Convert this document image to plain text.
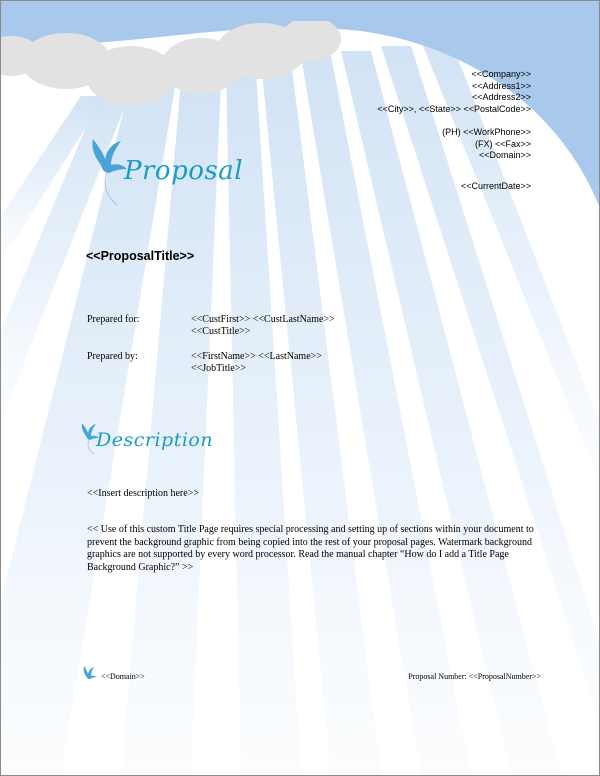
<<Company>>
<<Address1>>
<<Address2>>
<<City>>, <<State>> <<PostalCode>>
(PH) <<WorkPhone>>
(FX) <<Fax>>
<<Domain>>
<<CurrentDate>>
Proposal
<<ProposalTitle>>
Prepared for:	<<CustFirst>> <<CustLastName>>
<<CustTitle>>
Prepared by:	<<FirstName>> <<LastName>>
<<JobTitle>>
Description
<<Insert description here>>
<< Use of this custom Title Page requires special processing and setting up of sections within your document to prevent the background graphic from being copied into the rest of your proposal pages. Watermark background graphics are not supported by every word processor. Read the manual chapter “How do I add a Title Page Background Graphic?” >>
<<Domain>>	Proposal Number: <<ProposalNumber>>
